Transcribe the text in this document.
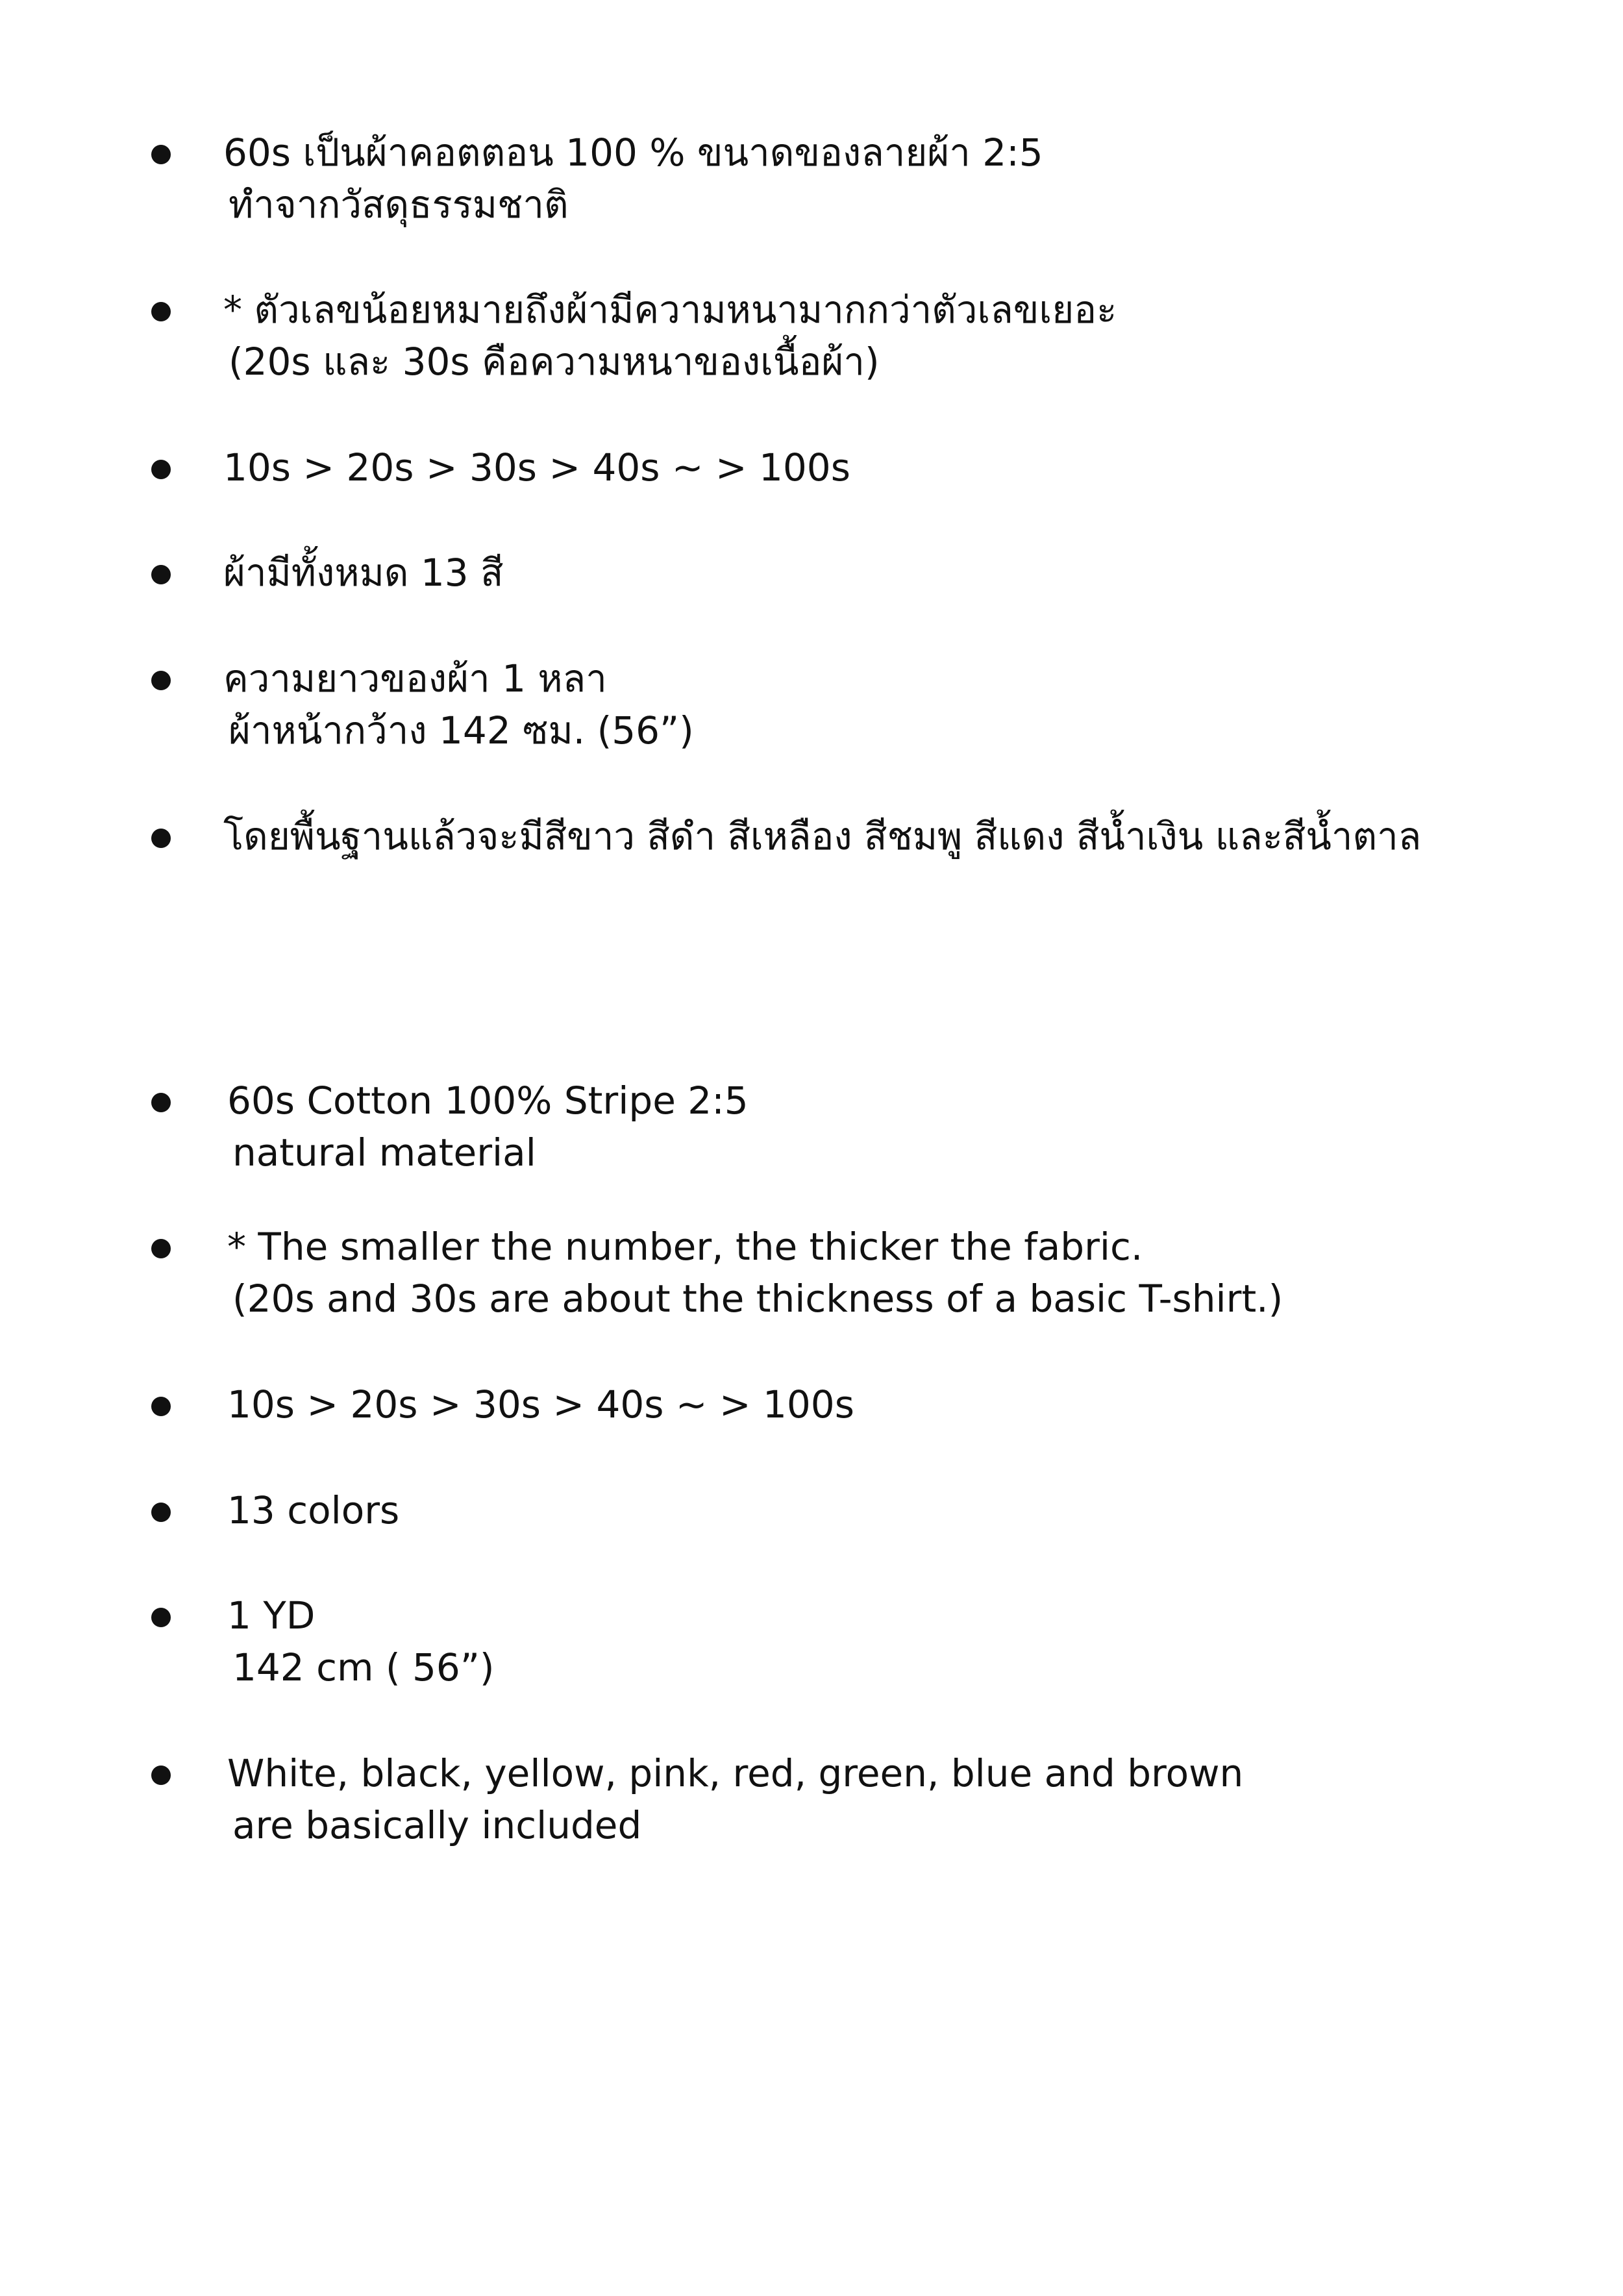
60s เป็นผ้าคอตตอน 100 % ขนาดของลายผ้า 2:5
ทำจากวัสดุธรรมชาติ
* ตัวเลขน้อยหมายถึงผ้ามีความหนามากกว่าตัวเลขเยอะ
(20s และ 30s คือความหนาของเนื้อผ้า)
10s > 20s > 30s > 40s ~ > 100s
ผ้ามีทั้งหมด 13 สี
ความยาวของผ้า 1 หลา
ผ้าหน้ากว้าง 142 ซม. (56”)
โดยพื้นฐานแล้วจะมีสีขาว สีดำ สีเหลือง สีชมพู สีแดง สีน้ำเงิน และสีน้ำตาล
60s Cotton 100% Stripe 2:5
natural material
* The smaller the number, the thicker the fabric.
(20s and 30s are about the thickness of a basic T-shirt.)
10s > 20s > 30s > 40s ~ > 100s
13 colors
1 YD
142 cm ( 56”)
White, black, yellow, pink, red, green, blue and brown
are basically included
